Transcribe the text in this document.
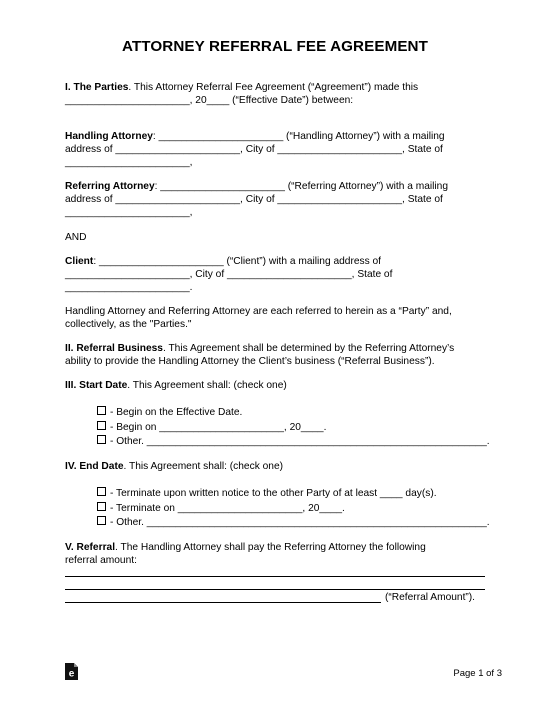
ATTORNEY REFERRAL FEE AGREEMENT
I. The Parties. This Attorney Referral Fee Agreement (“Agreement”) made this
______________________, 20____ (“Effective Date”) between:
Handling Attorney: ______________________ (“Handling Attorney”) with a mailing
address of ______________________, City of ______________________, State of
______________________,
Referring Attorney: ______________________ (“Referring Attorney”) with a mailing
address of ______________________, City of ______________________, State of
______________________,
AND
Client: ______________________ (“Client”) with a mailing address of
______________________, City of ______________________, State of
______________________.
Handling Attorney and Referring Attorney are each referred to herein as a “Party” and,
collectively, as the "Parties."
II. Referral Business. This Agreement shall be determined by the Referring Attorney’s
ability to provide the Handling Attorney the Client’s business (“Referral Business”).
III. Start Date. This Agreement shall: (check one)
- Begin on the Effective Date.
- Begin on ______________________, 20____.
- Other. ____________________________________________________________.
IV. End Date. This Agreement shall: (check one)
- Terminate upon written notice to the other Party of at least ____ day(s).
- Terminate on ______________________, 20____.
- Other. ____________________________________________________________.
V. Referral. The Handling Attorney shall pay the Referring Attorney the following
referral amount:
(“Referral Amount”).
e	Page 1 of 3
